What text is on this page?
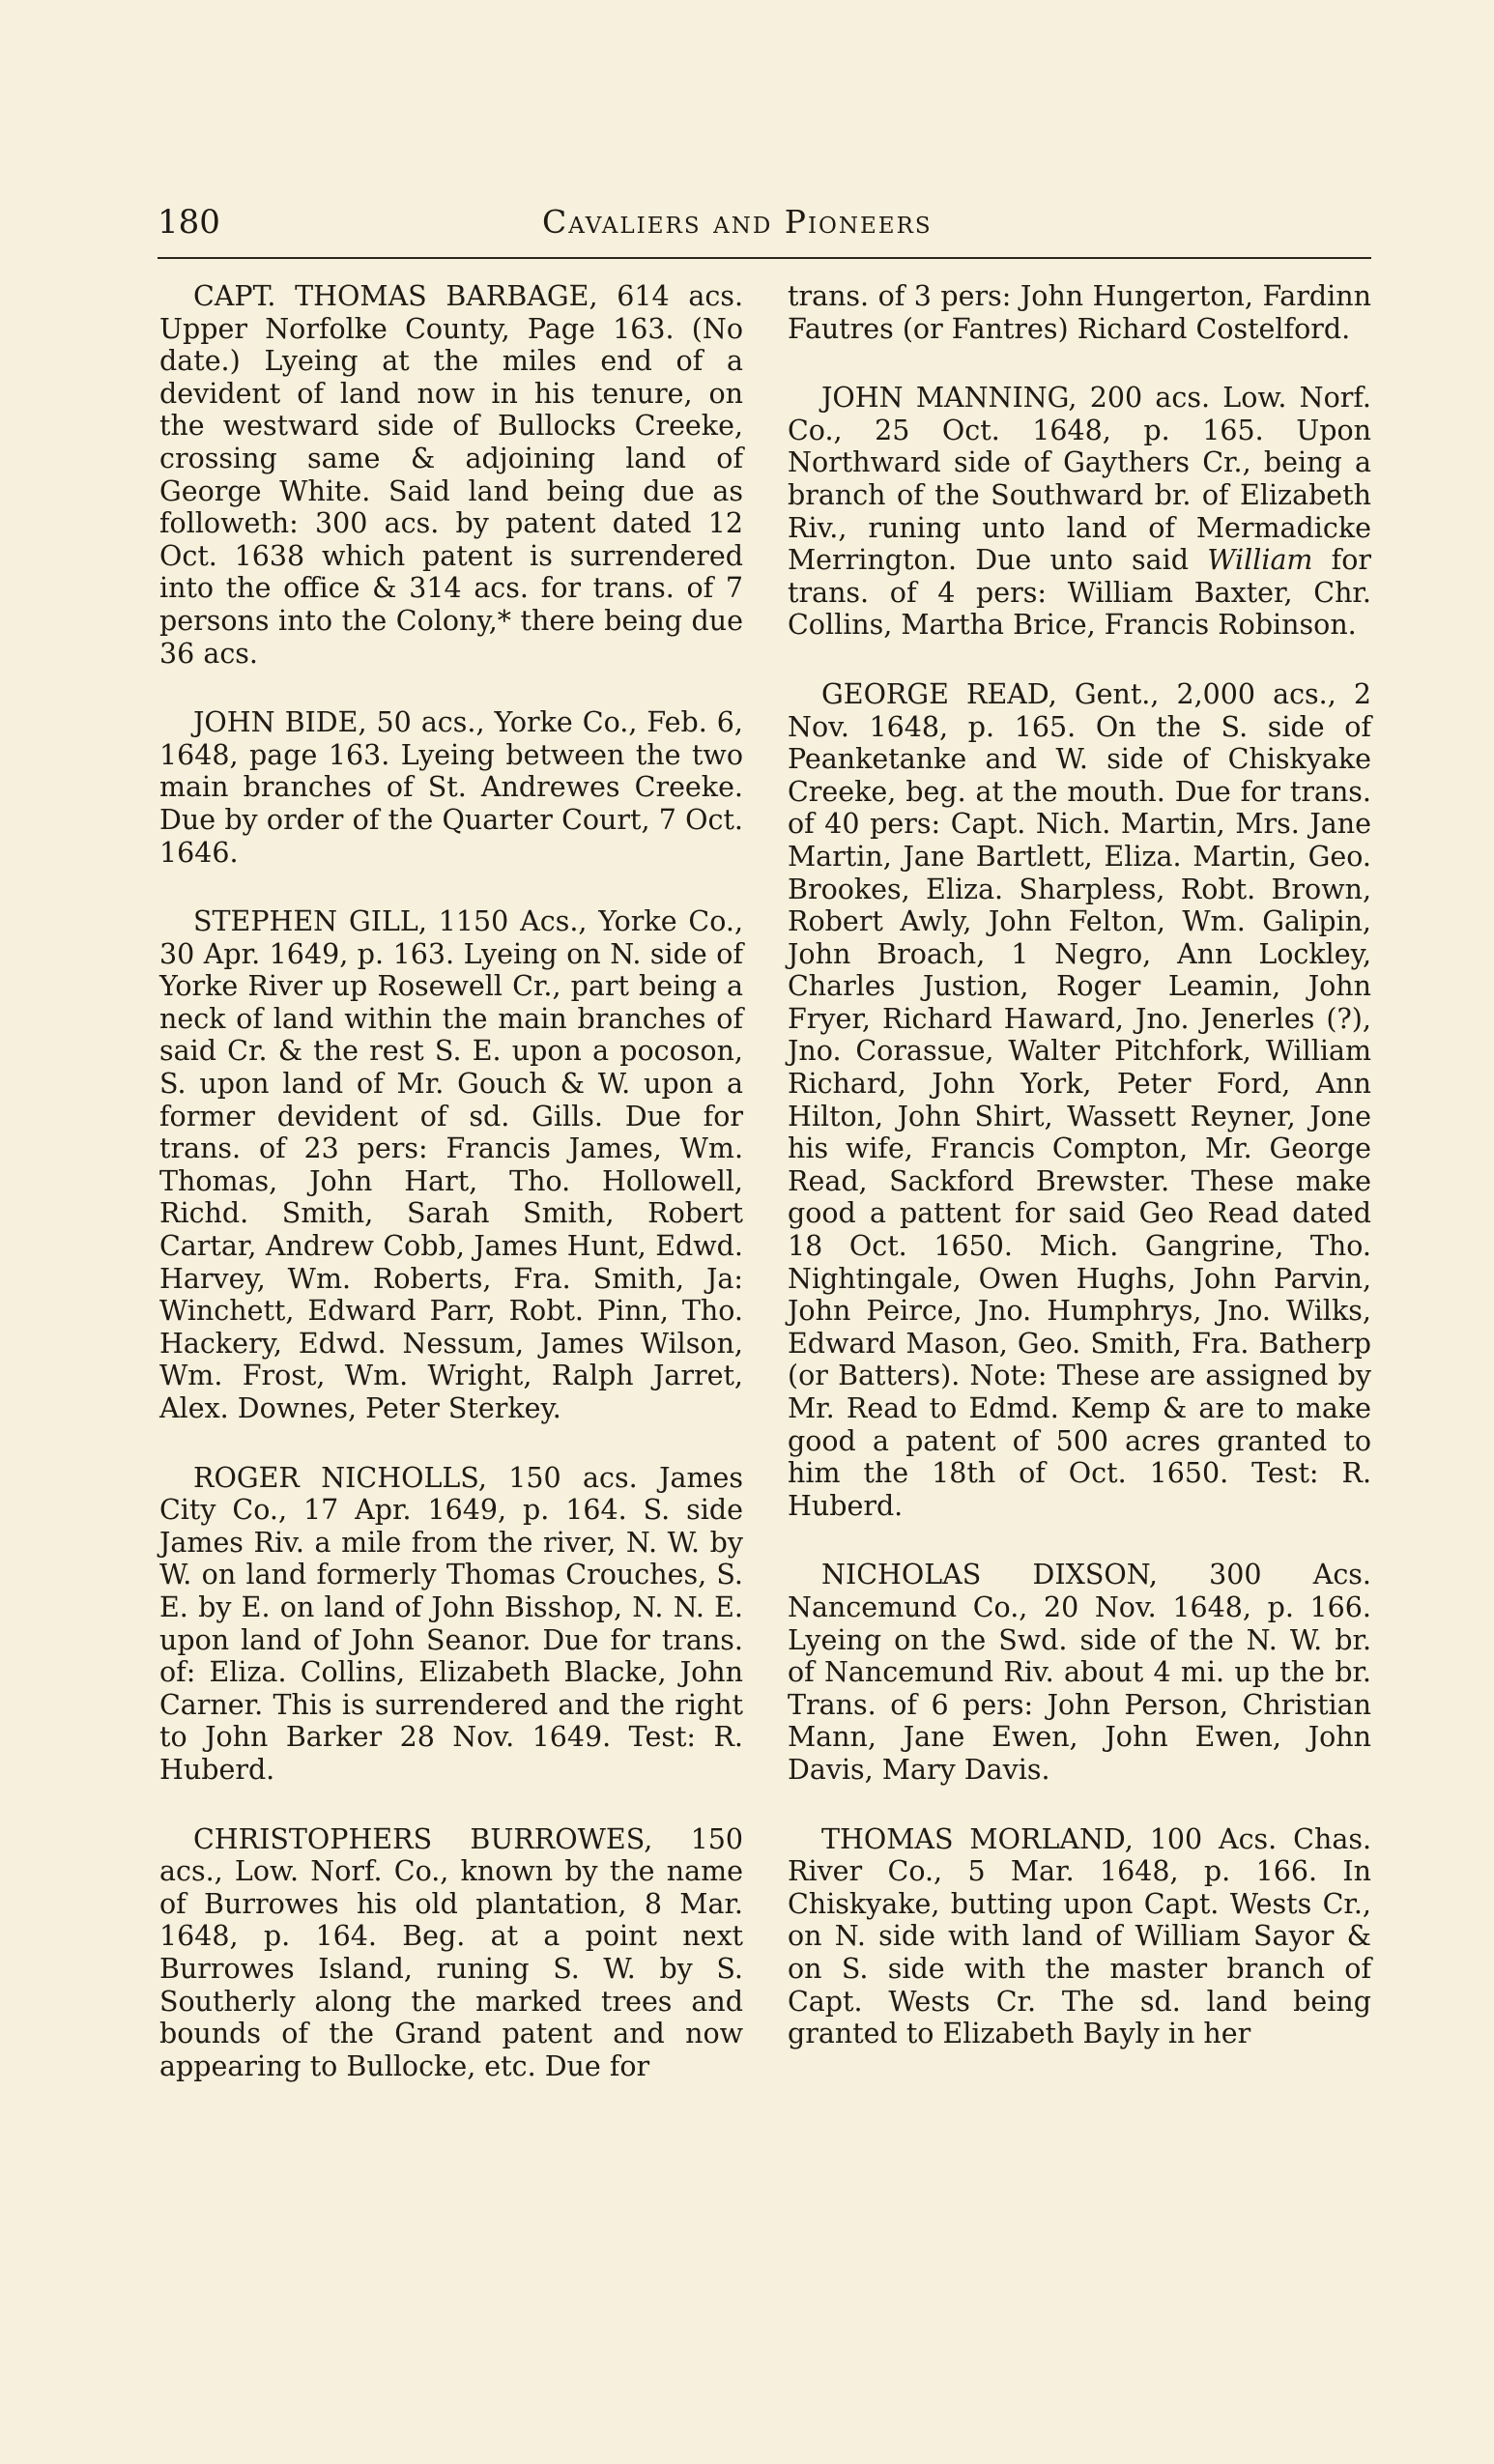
180	Cavaliers and Pioneers

CAPT. THOMAS BARBAGE, 614 acs. Upper Norfolke County, Page 163. (No date.) Lyeing at the miles end of a devident of land now in his tenure, on the westward side of Bullocks Creeke, crossing same & adjoining land of George White. Said land being due as followeth: 300 acs. by patent dated 12 Oct. 1638 which patent is surrendered into the office & 314 acs. for trans. of 7 persons into the Colony,* there being due 36 acs.

JOHN BIDE, 50 acs., Yorke Co., Feb. 6, 1648, page 163. Lyeing between the two main branches of St. Andrewes Creeke. Due by order of the Quarter Court, 7 Oct. 1646.

STEPHEN GILL, 1150 Acs., Yorke Co., 30 Apr. 1649, p. 163. Lyeing on N. side of Yorke River up Rosewell Cr., part being a neck of land within the main branches of said Cr. & the rest S. E. upon a pocoson, S. upon land of Mr. Gouch & W. upon a former devident of sd. Gills. Due for trans. of 23 pers: Francis James, Wm. Thomas, John Hart, Tho. Hollowell, Richd. Smith, Sarah Smith, Robert Cartar, Andrew Cobb, James Hunt, Edwd. Harvey, Wm. Roberts, Fra. Smith, Ja: Winchett, Edward Parr, Robt. Pinn, Tho. Hackery, Edwd. Nessum, James Wilson, Wm. Frost, Wm. Wright, Ralph Jarret, Alex. Downes, Peter Sterkey.

ROGER NICHOLLS, 150 acs. James City Co., 17 Apr. 1649, p. 164. S. side James Riv. a mile from the river, N. W. by W. on land formerly Thomas Crouches, S. E. by E. on land of John Bisshop, N. N. E. upon land of John Seanor. Due for trans. of: Eliza. Collins, Elizabeth Blacke, John Carner. This is surrendered and the right to John Barker 28 Nov. 1649. Test: R. Huberd.

CHRISTOPHERS BURROWES, 150 acs., Low. Norf. Co., known by the name of Burrowes his old plantation, 8 Mar. 1648, p. 164. Beg. at a point next Burrowes Island, runing S. W. by S. Southerly along the marked trees and bounds of the Grand patent and now appearing to Bullocke, etc. Due for

trans. of 3 pers: John Hungerton, Fardinn Fautres (or Fantres) Richard Costelford.

JOHN MANNING, 200 acs. Low. Norf. Co., 25 Oct. 1648, p. 165. Upon Northward side of Gaythers Cr., being a branch of the Southward br. of Elizabeth Riv., runing unto land of Mermadicke Merrington. Due unto said William for trans. of 4 pers: William Baxter, Chr. Collins, Martha Brice, Francis Robinson.

GEORGE READ, Gent., 2,000 acs., 2 Nov. 1648, p. 165. On the S. side of Peanketanke and W. side of Chiskyake Creeke, beg. at the mouth. Due for trans. of 40 pers: Capt. Nich. Martin, Mrs. Jane Martin, Jane Bartlett, Eliza. Martin, Geo. Brookes, Eliza. Sharpless, Robt. Brown, Robert Awly, John Felton, Wm. Galipin, John Broach, 1 Negro, Ann Lockley, Charles Justion, Roger Leamin, John Fryer, Richard Haward, Jno. Jenerles (?), Jno. Corassue, Walter Pitchfork, William Richard, John York, Peter Ford, Ann Hilton, John Shirt, Wassett Reyner, Jone his wife, Francis Compton, Mr. George Read, Sackford Brewster. These make good a pattent for said Geo Read dated 18 Oct. 1650. Mich. Gangrine, Tho. Nightingale, Owen Hughs, John Parvin, John Peirce, Jno. Humphrys, Jno. Wilks, Edward Mason, Geo. Smith, Fra. Batherp (or Batters). Note: These are assigned by Mr. Read to Edmd. Kemp & are to make good a patent of 500 acres granted to him the 18th of Oct. 1650. Test: R. Huberd.

NICHOLAS DIXSON, 300 Acs. Nancemund Co., 20 Nov. 1648, p. 166. Lyeing on the Swd. side of the N. W. br. of Nancemund Riv. about 4 mi. up the br. Trans. of 6 pers: John Person, Christian Mann, Jane Ewen, John Ewen, John Davis, Mary Davis.

THOMAS MORLAND, 100 Acs. Chas. River Co., 5 Mar. 1648, p. 166. In Chiskyake, butting upon Capt. Wests Cr., on N. side with land of William Sayor & on S. side with the master branch of Capt. Wests Cr. The sd. land being granted to Elizabeth Bayly in her
